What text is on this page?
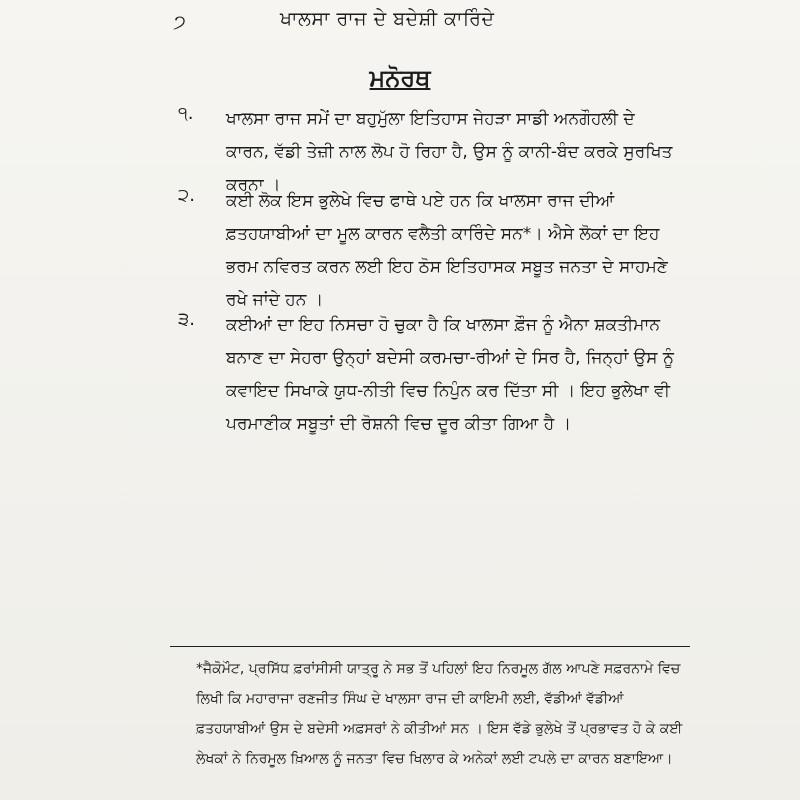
੭	ਖਾਲਸਾ ਰਾਜ ਦੇ ਬਦੇਸ਼ੀ ਕਾਰਿੰਦੇ
ਮਨੋਰਥ
੧. ਖਾਲਸਾ ਰਾਜ ਸਮੇਂ ਦਾ ਬਹੁਮੁੱਲਾ ਇਤਿਹਾਸ ਜੇਹੜਾ ਸਾਡੀ ਅਨਗੌਹਲੀ ਦੇ ਕਾਰਨ, ਵੱਡੀ ਤੇਜ਼ੀ ਨਾਲ ਲੋਪ ਹੋ ਰਿਹਾ ਹੈ, ਉਸ ਨੂੰ ਕਾਨੀ-ਬੰਦ ਕਰਕੇ ਸੁਰਖਿਤ ਕਰਨਾ ।
੨. ਕਈ ਲੋਕ ਇਸ ਭੁਲੇਖੇ ਵਿਚ ਫਾਥੇ ਪਏ ਹਨ ਕਿ ਖਾਲਸਾ ਰਾਜ ਦੀਆਂ ਫ਼ਤਹਯਾਬੀਆਂ ਦਾ ਮੂਲ ਕਾਰਨ ਵਲੈਤੀ ਕਾਰਿੰਦੇ ਸਨ*। ਐਸੇ ਲੋਕਾਂ ਦਾ ਇਹ ਭਰਮ ਨਵਿਰਤ ਕਰਨ ਲਈ ਇਹ ਠੋਸ ਇਤਿਹਾਸਕ ਸਬੂਤ ਜਨਤਾ ਦੇ ਸਾਹਮਣੇ ਰਖੇ ਜਾਂਦੇ ਹਨ ।
੩. ਕਈਆਂ ਦਾ ਇਹ ਨਿਸਚਾ ਹੋ ਚੁਕਾ ਹੈ ਕਿ ਖਾਲਸਾ ਫ਼ੌਜ ਨੂੰ ਐਨਾ ਸ਼ਕਤੀਮਾਨ ਬਨਾਣ ਦਾ ਸੇਹਰਾ ਉਨ੍ਹਾਂ ਬਦੇਸੀ ਕਰਮਚਾ-ਰੀਆਂ ਦੇ ਸਿਰ ਹੈ, ਜਿਨ੍ਹਾਂ ਉਸ ਨੂੰ ਕਵਾਇਦ ਸਿਖਾਕੇ ਯੁਧ-ਨੀਤੀ ਵਿਚ ਨਿਪੁੰਨ ਕਰ ਦਿੱਤਾ ਸੀ । ਇਹ ਭੁਲੇਖਾ ਵੀ ਪਰਮਾਣੀਕ ਸਬੂਤਾਂ ਦੀ ਰੋਸ਼ਨੀ ਵਿਚ ਦੂਰ ਕੀਤਾ ਗਿਆ ਹੈ ।
*ਜੈਕੋਮੌਟ, ਪ੍ਰਸਿੱਧ ਫ਼ਰਾਂਸੀਸੀ ਯਾਤ੍ਰੂ ਨੇ ਸਭ ਤੋਂ ਪਹਿਲਾਂ ਇਹ ਨਿਰਮੂਲ ਗੱਲ ਆਪਣੇ ਸਫ਼ਰਨਾਮੇ ਵਿਚ ਲਿਖੀ ਕਿ ਮਹਾਰਾਜਾ ਰਣਜੀਤ ਸਿੰਘ ਦੇ ਖਾਲਸਾ ਰਾਜ ਦੀ ਕਾਇਮੀ ਲਈ, ਵੱਡੀਆਂ ਵੱਡੀਆਂ ਫ਼ਤਹਯਾਬੀਆਂ ਉਸ ਦੇ ਬਦੇਸੀ ਅਫ਼ਸਰਾਂ ਨੇ ਕੀਤੀਆਂ ਸਨ । ਇਸ ਵੱਡੇ ਭੁਲੇਖੇ ਤੋਂ ਪ੍ਰਭਾਵਤ ਹੋ ਕੇ ਕਈ ਲੇਖਕਾਂ ਨੇ ਨਿਰਮੂਲ ਖ਼ਿਆਲ ਨੂੰ ਜਨਤਾ ਵਿਚ ਖਿਲਾਰ ਕੇ ਅਨੇਕਾਂ ਲਈ ਟਪਲੇ ਦਾ ਕਾਰਨ ਬਣਾਇਆ।
